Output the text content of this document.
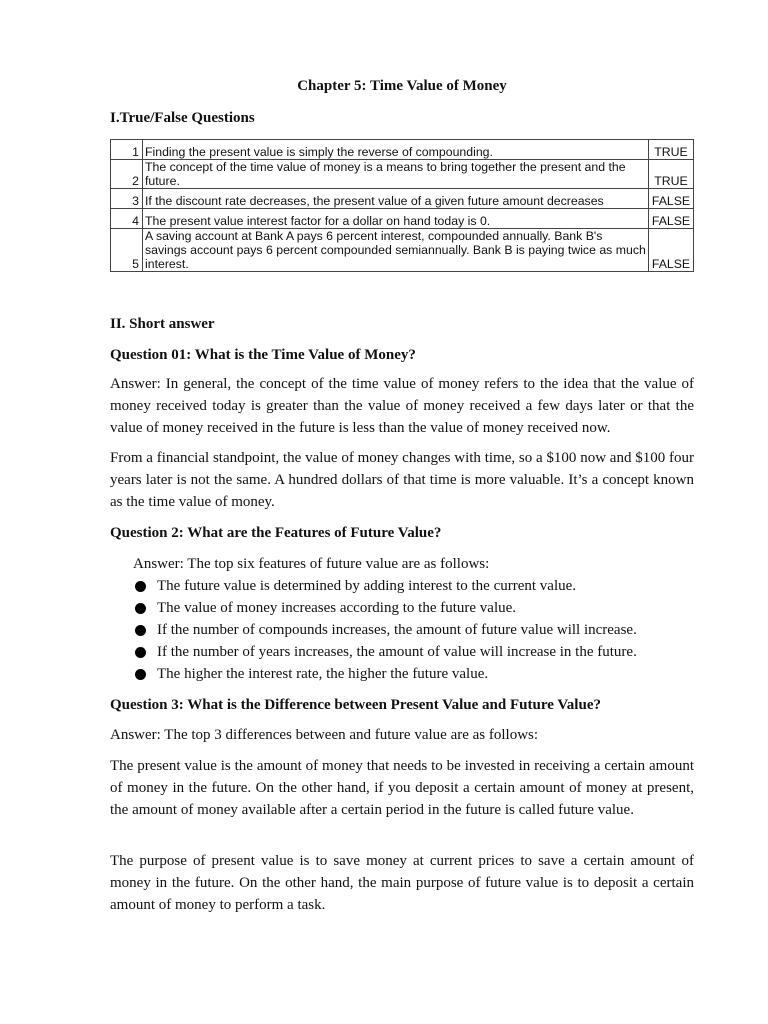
Chapter 5: Time Value of Money
I.True/False Questions
1	Finding the present value is simply the reverse of compounding.	TRUE
2	The concept of the time value of money is a means to bring together the present and the future.	TRUE
3	If the discount rate decreases, the present value of a given future amount decreases	FALSE
4	The present value interest factor for a dollar on hand today is 0.	FALSE
5	A saving account at Bank A pays 6 percent interest, compounded annually. Bank B's savings account pays 6 percent compounded semiannually. Bank B is paying twice as much interest.	FALSE
II. Short answer
Question 01: What is the Time Value of Money?
Answer: In general, the concept of the time value of money refers to the idea that the value of money received today is greater than the value of money received a few days later or that the value of money received in the future is less than the value of money received now.
From a financial standpoint, the value of money changes with time, so a $100 now and $100 four years later is not the same. A hundred dollars of that time is more valuable. It’s a concept known as the time value of money.
Question 2: What are the Features of Future Value?
Answer: The top six features of future value are as follows:
The future value is determined by adding interest to the current value.
The value of money increases according to the future value.
If the number of compounds increases, the amount of future value will increase.
If the number of years increases, the amount of value will increase in the future.
The higher the interest rate, the higher the future value.
Question 3: What is the Difference between Present Value and Future Value?
Answer: The top 3 differences between and future value are as follows:
The present value is the amount of money that needs to be invested in receiving a certain amount of money in the future. On the other hand, if you deposit a certain amount of money at present, the amount of money available after a certain period in the future is called future value.
The purpose of present value is to save money at current prices to save a certain amount of money in the future. On the other hand, the main purpose of future value is to deposit a certain amount of money to perform a task.
